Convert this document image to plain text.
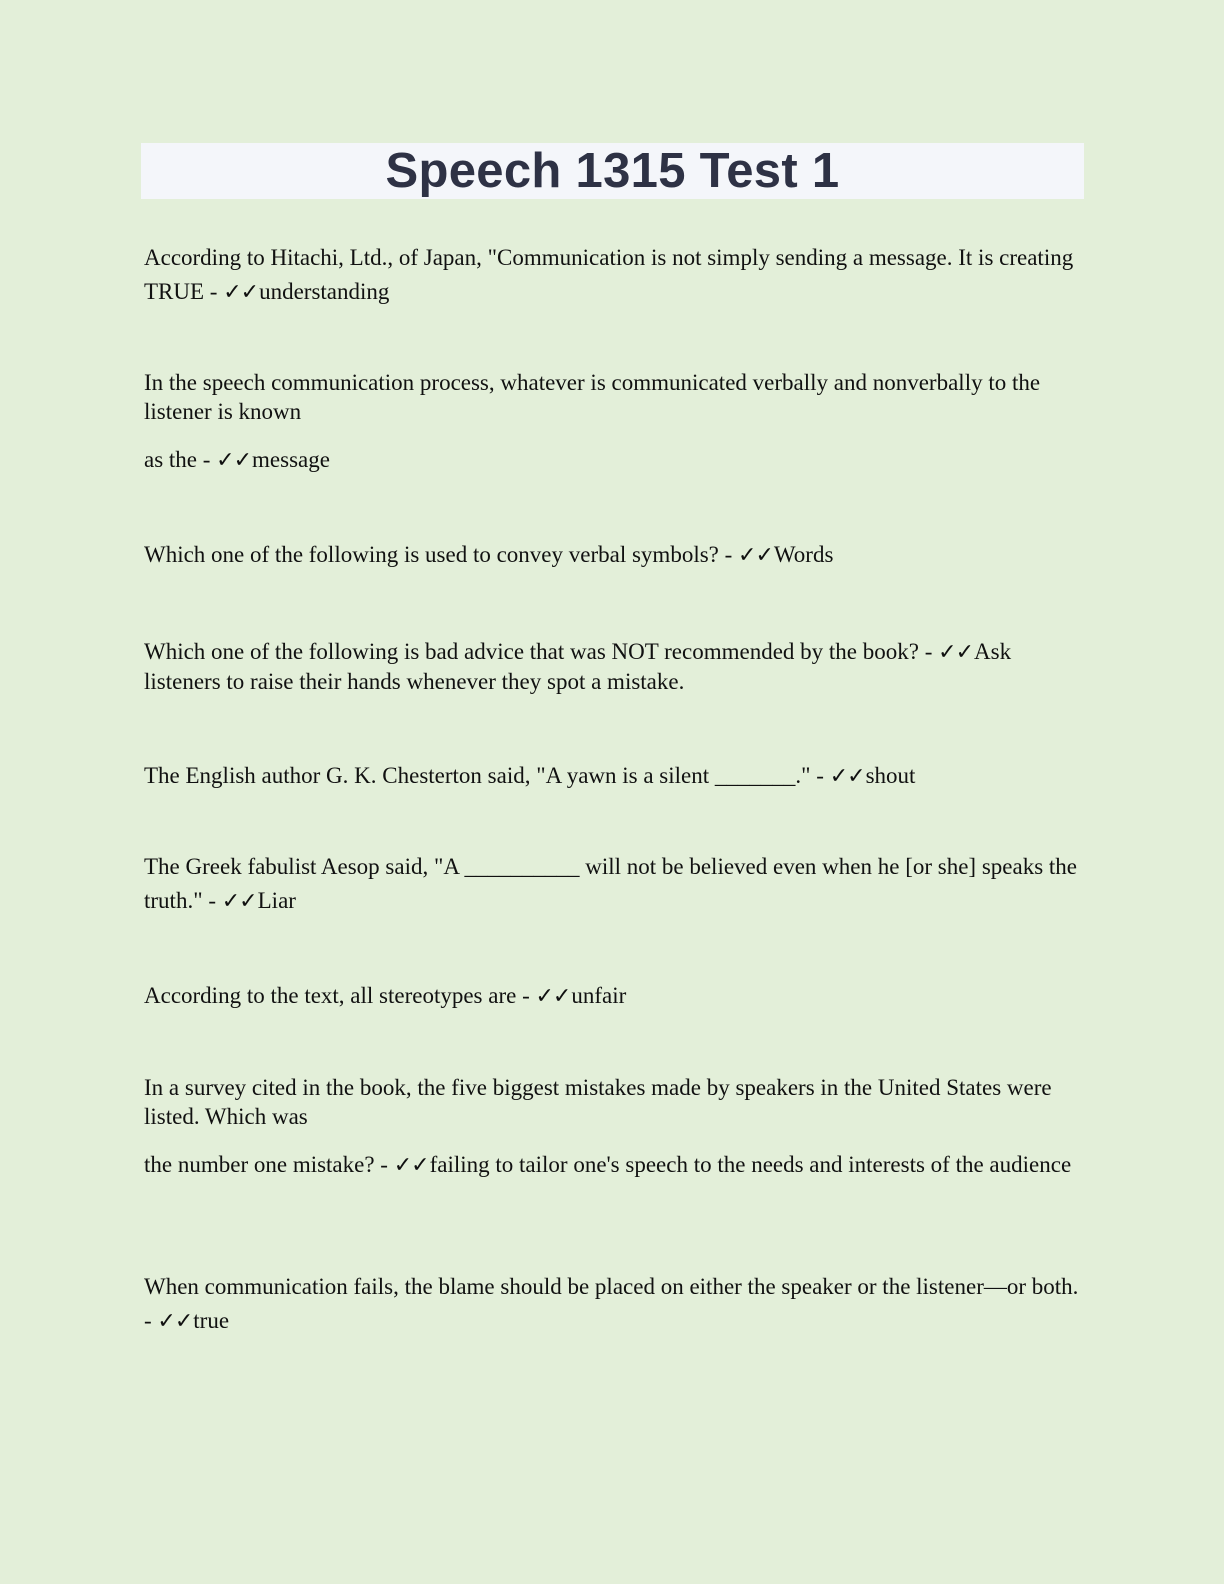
Speech 1315 Test 1

According to Hitachi, Ltd., of Japan, "Communication is not simply sending a message. It is creating TRUE - ✓✓understanding

In the speech communication process, whatever is communicated verbally and nonverbally to the listener is known

as the - ✓✓message

Which one of the following is used to convey verbal symbols? - ✓✓Words

Which one of the following is bad advice that was NOT recommended by the book? - ✓✓Ask listeners to raise their hands whenever they spot a mistake.

The English author G. K. Chesterton said, "A yawn is a silent _______." - ✓✓shout

The Greek fabulist Aesop said, "A __________ will not be believed even when he [or she] speaks the truth." - ✓✓Liar

According to the text, all stereotypes are - ✓✓unfair

In a survey cited in the book, the five biggest mistakes made by speakers in the United States were listed. Which was

the number one mistake? - ✓✓failing to tailor one's speech to the needs and interests of the audience

When communication fails, the blame should be placed on either the speaker or the listener—or both. - ✓✓true
